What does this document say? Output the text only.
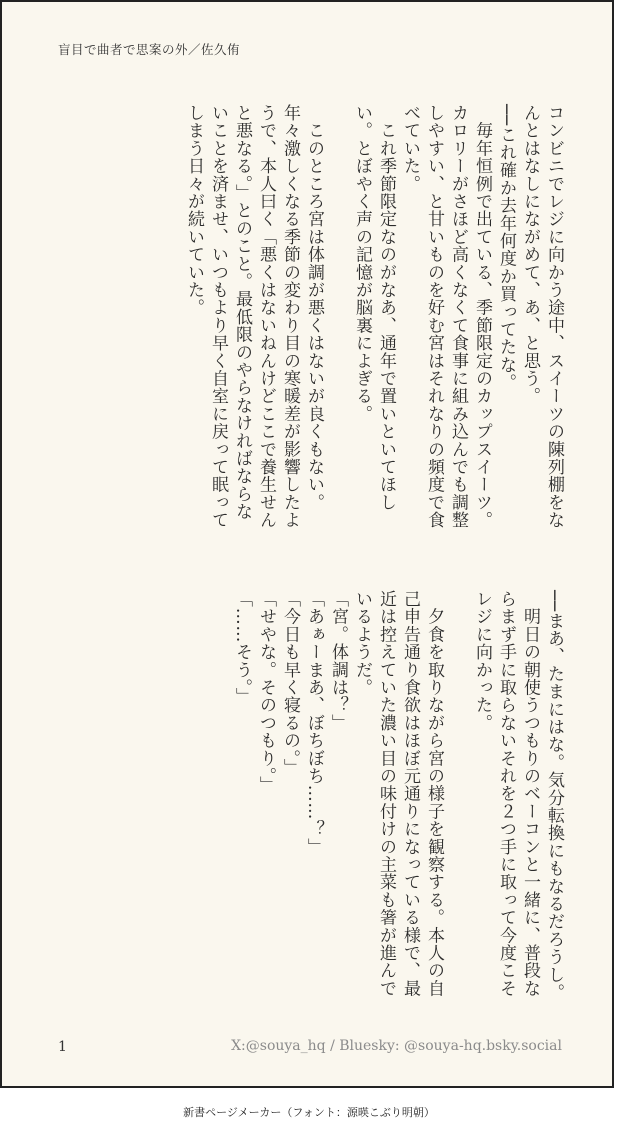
盲目で曲者で思案の外／佐久侑

コンビニでレジに向かう途中、スイーツの陳列棚をなんとはなしにながめて、あ、と思う。

──これ確か去年何度か買ってたな。

　毎年恒例で出ている、季節限定のカップスイーツ。カロリーがさほど高くなくて食事に組み込んでも調整しやすい、と甘いものを好む宮はそれなりの頻度で食べていた。

　これ季節限定なのがなあ、通年で置いといてほしい。とぼやく声の記憶が脳裏によぎる。

　このところ宮は体調が悪くはないが良くもない。年々激しくなる季節の変わり目の寒暖差が影響したようで、本人曰く「悪くはないねんけどここで養生せんと悪なる。」とのこと。最低限のやらなければならないことを済ませ、いつもより早く自室に戻って眠ってしまう日々が続いていた。

──まあ、たまにはな。気分転換にもなるだろうし。

　明日の朝使うつもりのベーコンと一緒に、普段ならまず手に取らないそれを２つ手に取って今度こそレジに向かった。

　夕食を取りながら宮の様子を観察する。本人の自己申告通り食欲はほぼ元通りになっている様で、最近は控えていた濃い目の味付けの主菜も箸が進んでいるようだ。

「宮。体調は？」

「あぁーまあ、ぼちぼち……？」

「今日も早く寝るの。」

「せやな。そのつもり。」

「……そう。」

1	X:@souya_hq / Bluesky: @souya-hq.bsky.social
新書ページメーカー（フォント：源暎こぶり明朝）
